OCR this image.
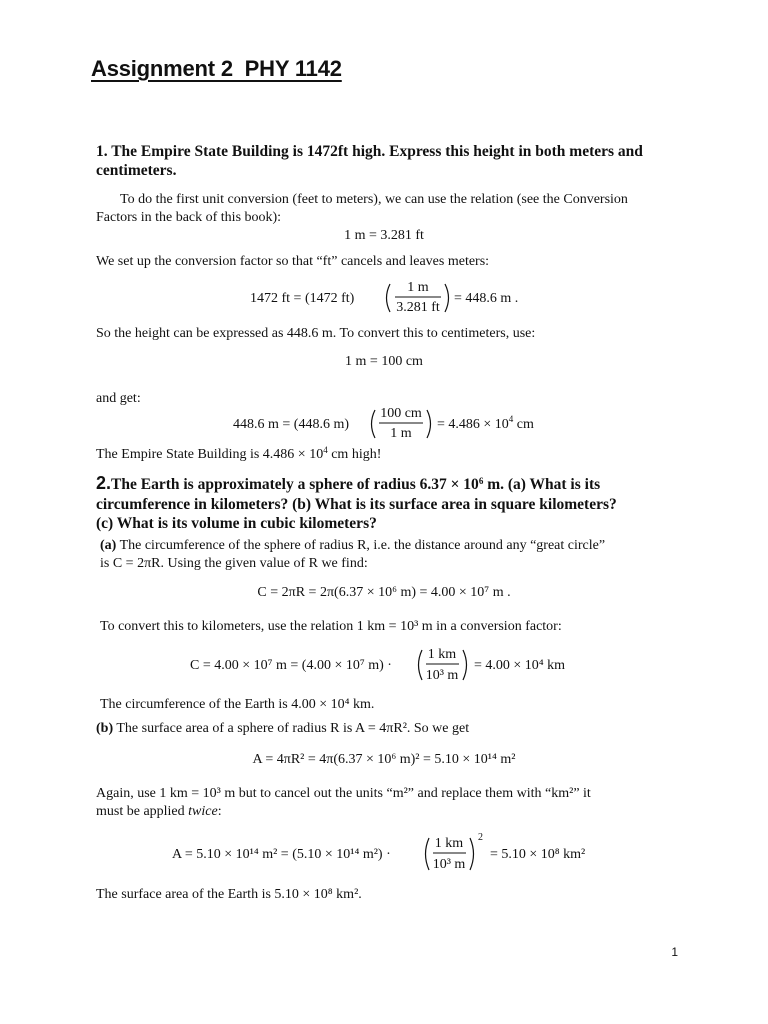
Assignment 2  PHY 1142
1. The Empire State Building is 1472ft high. Express this height in both meters and centimeters.
To do the first unit conversion (feet to meters), we can use the relation (see the Conversion
Factors in the back of this book):
1 m = 3.281 ft
We set up the conversion factor so that “ft” cancels and leaves meters:
1472 ft = (1472 ft)
1 m
3.281 ft
= 448.6 m .
So the height can be expressed as 448.6 m. To convert this to centimeters, use:
1 m = 100 cm
and get:
448.6 m = (448.6 m)
100 cm
1 m
= $4.486 \times 10^4$ cm
The Empire State Building is $4.486 \times 10^4$ cm high!
2.The Earth is approximately a sphere of radius $6.37 \times 10^6$ m. (a) What is its
circumference in kilometers? (b) What is its surface area in square kilometers?
(c) What is its volume in cubic kilometers?
(a) The circumference of the sphere of radius R, i.e. the distance around any “great circle”
is C = 2πR. Using the given value of R we find:
C = 2πR = 2π(6.37 × 10⁶ m) = 4.00 × 10⁷ m .
To convert this to kilometers, use the relation 1 km = 10³ m in a conversion factor:
C = 4.00 × 10⁷ m = (4.00 × 10⁷ m) ·
1 km
10³ m
= 4.00 × 10⁴ km
The circumference of the Earth is 4.00 × 10⁴ km.
(b) The surface area of a sphere of radius R is A = 4πR². So we get
A = 4πR² = 4π(6.37 × 10⁶ m)² = 5.10 × 10¹⁴ m²
Again, use 1 km = 10³ m but to cancel out the units “m²” and replace them with “km²” it
must be applied twice:
A = 5.10 × 10¹⁴ m² = (5.10 × 10¹⁴ m²) ·
1 km
10³ m
2
= 5.10 × 10⁸ km²
The surface area of the Earth is 5.10 × 10⁸ km².
1
